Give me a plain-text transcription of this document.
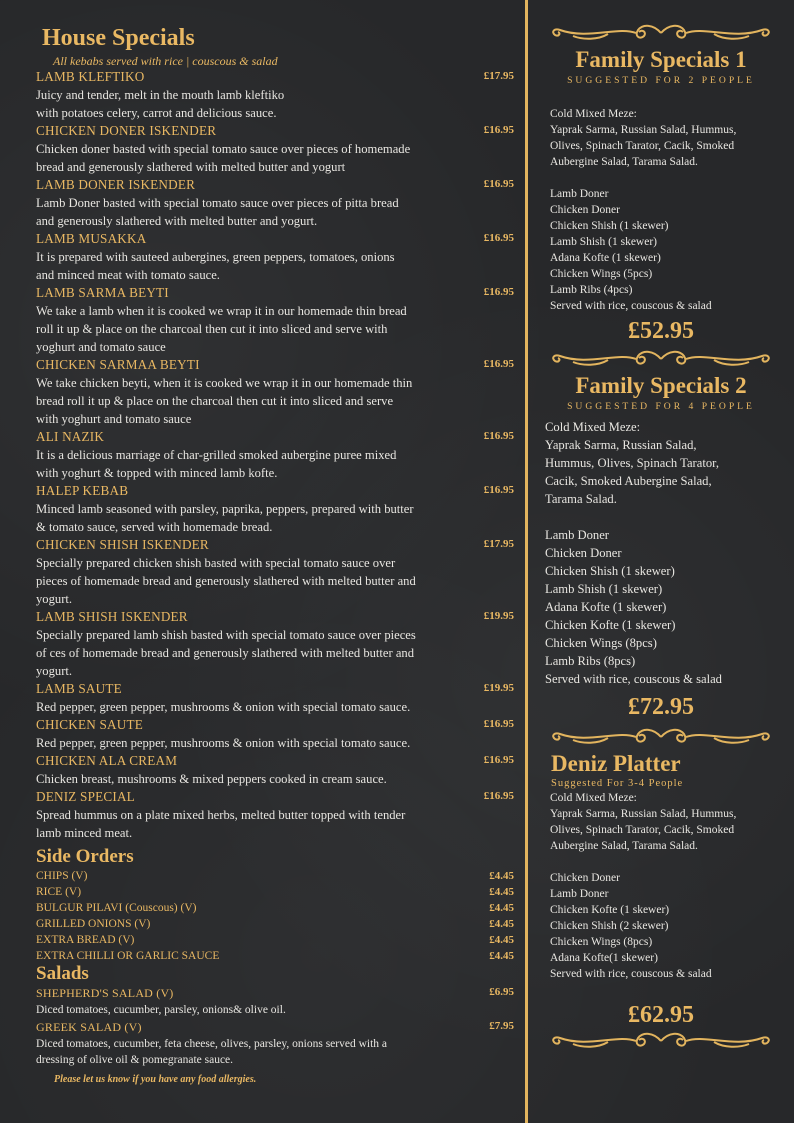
House Specials
All kebabs served with rice | couscous & salad
LAMB KLEFTIKO	£17.95
Juicy and tender, melt in the mouth lamb kleftiko
with potatoes celery, carrot and delicious sauce.
CHICKEN DONER ISKENDER	£16.95
Chicken doner basted with special tomato sauce over pieces of homemade
bread and generously slathered with melted butter and yogurt
LAMB DONER ISKENDER	£16.95
Lamb Doner basted with special tomato sauce over pieces of pitta bread
and generously slathered with melted butter and yogurt.
LAMB MUSAKKA	£16.95
It is prepared with sauteed aubergines, green peppers, tomatoes, onions
and minced meat with tomato sauce.
LAMB SARMA BEYTI	£16.95
We take a lamb when it is cooked we wrap it in our homemade thin bread
roll it up & place on the charcoal then cut it into sliced and serve with
yoghurt and tomato sauce
CHICKEN SARMAA BEYTI	£16.95
We take chicken beyti, when it is cooked we wrap it in our homemade thin
bread roll it up & place on the charcoal then cut it into sliced and serve
with yoghurt and tomato sauce
ALI NAZIK	£16.95
It is a delicious marriage of char-grilled smoked aubergine puree mixed
with yoghurt & topped with minced lamb kofte.
HALEP KEBAB	£16.95
Minced lamb seasoned with parsley, paprika, peppers, prepared with butter
& tomato sauce, served with homemade bread.
CHICKEN SHISH ISKENDER	£17.95
Specially prepared chicken shish basted with special tomato sauce over
pieces of homemade bread and generously slathered with melted butter and
yogurt.
LAMB SHISH ISKENDER	£19.95
Specially prepared lamb shish basted with special tomato sauce over pieces
of ces of homemade bread and generously slathered with melted butter and
yogurt.
LAMB SAUTE	£19.95
Red pepper, green pepper, mushrooms & onion with special tomato sauce.
CHICKEN SAUTE	£16.95
Red pepper, green pepper, mushrooms & onion with special tomato sauce.
CHICKEN ALA CREAM	£16.95
Chicken breast, mushrooms & mixed peppers cooked in cream sauce.
DENIZ SPECIAL	£16.95
Spread hummus on a plate mixed herbs, melted butter topped with tender
lamb minced meat.
Side Orders
CHIPS (V)	£4.45
RICE (V)	£4.45
BULGUR PILAVI (Couscous) (V)	£4.45
GRILLED ONIONS (V)	£4.45
EXTRA BREAD (V)	£4.45
EXTRA CHILLI OR GARLIC SAUCE	£4.45
Salads
SHEPHERD'S SALAD (V)	£6.95
Diced tomatoes, cucumber, parsley, onions& olive oil.
GREEK SALAD (V)	£7.95
Diced tomatoes, cucumber, feta cheese, olives, parsley, onions served with a
dressing of olive oil & pomegranate sauce.
Please let us know if you have any food allergies.
Family Specials 1
SUGGESTED FOR 2 PEOPLE
Cold Mixed Meze:
Yaprak Sarma, Russian Salad, Hummus,
Olives, Spinach Tarator, Cacik, Smoked
Aubergine Salad, Tarama Salad.
Lamb Doner
Chicken Doner
Chicken Shish (1 skewer)
Lamb Shish (1 skewer)
Adana Kofte (1 skewer)
Chicken Wings (5pcs)
Lamb Ribs (4pcs)
Served with rice, couscous & salad
£52.95
Family Specials 2
SUGGESTED FOR 4 PEOPLE
Cold Mixed Meze:
Yaprak Sarma, Russian Salad,
Hummus, Olives, Spinach Tarator,
Cacik, Smoked Aubergine Salad,
Tarama Salad.
Lamb Doner
Chicken Doner
Chicken Shish (1 skewer)
Lamb Shish (1 skewer)
Adana Kofte (1 skewer)
Chicken Kofte (1 skewer)
Chicken Wings (8pcs)
Lamb Ribs (8pcs)
Served with rice, couscous & salad
£72.95
Deniz Platter
Suggested For 3-4 People
Cold Mixed Meze:
Yaprak Sarma, Russian Salad, Hummus,
Olives, Spinach Tarator, Cacik, Smoked
Aubergine Salad, Tarama Salad.
Chicken Doner
Lamb Doner
Chicken Kofte (1 skewer)
Chicken Shish (2 skewer)
Chicken Wings (8pcs)
Adana Kofte(1 skewer)
Served with rice, couscous & salad
£62.95
